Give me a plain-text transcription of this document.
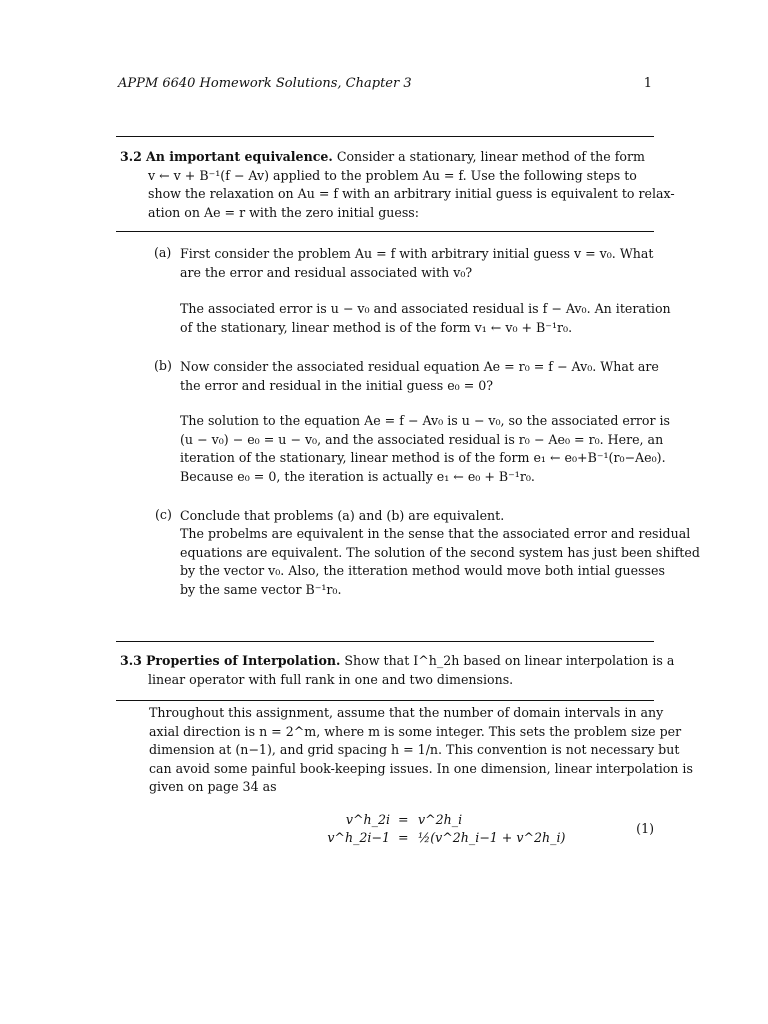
APPM 6640 Homework Solutions, Chapter 3	1
3.2 An important equivalence. Consider a stationary, linear method of the form
v ← v + B⁻¹(f − Av) applied to the problem Au = f. Use the following steps to
show the relaxation on Au = f with an arbitrary initial guess is equivalent to relax-
ation on Ae = r with the zero initial guess:
(a) First consider the problem Au = f with arbitrary initial guess v = v₀. What
are the error and residual associated with v₀?
The associated error is u − v₀ and associated residual is f − Av₀. An iteration
of the stationary, linear method is of the form v₁ ← v₀ + B⁻¹r₀.
(b) Now consider the associated residual equation Ae = r₀ = f − Av₀. What are
the error and residual in the initial guess e₀ = 0?
The solution to the equation Ae = f − Av₀ is u − v₀, so the associated error is
(u − v₀) − e₀ = u − v₀, and the associated residual is r₀ − Ae₀ = r₀. Here, an
iteration of the stationary, linear method is of the form e₁ ← e₀+B⁻¹(r₀−Ae₀).
Because e₀ = 0, the iteration is actually e₁ ← e₀ + B⁻¹r₀.
(c) Conclude that problems (a) and (b) are equivalent.
The probelms are equivalent in the sense that the associated error and residual
equations are equivalent. The solution of the second system has just been shifted
by the vector v₀. Also, the itteration method would move both intial guesses
by the same vector B⁻¹r₀.
3.3 Properties of Interpolation. Show that I^h_2h based on linear interpolation is a
linear operator with full rank in one and two dimensions.
Throughout this assignment, assume that the number of domain intervals in any
axial direction is n = 2^m, where m is some integer. This sets the problem size per
dimension at (n−1), and grid spacing h = 1/n. This convention is not necessary but
can avoid some painful book-keeping issues. In one dimension, linear interpolation is
given on page 34 as
v^h_2i = v^2h_i
v^h_2i−1 = ½(v^2h_i−1 + v^2h_i)
(1)
